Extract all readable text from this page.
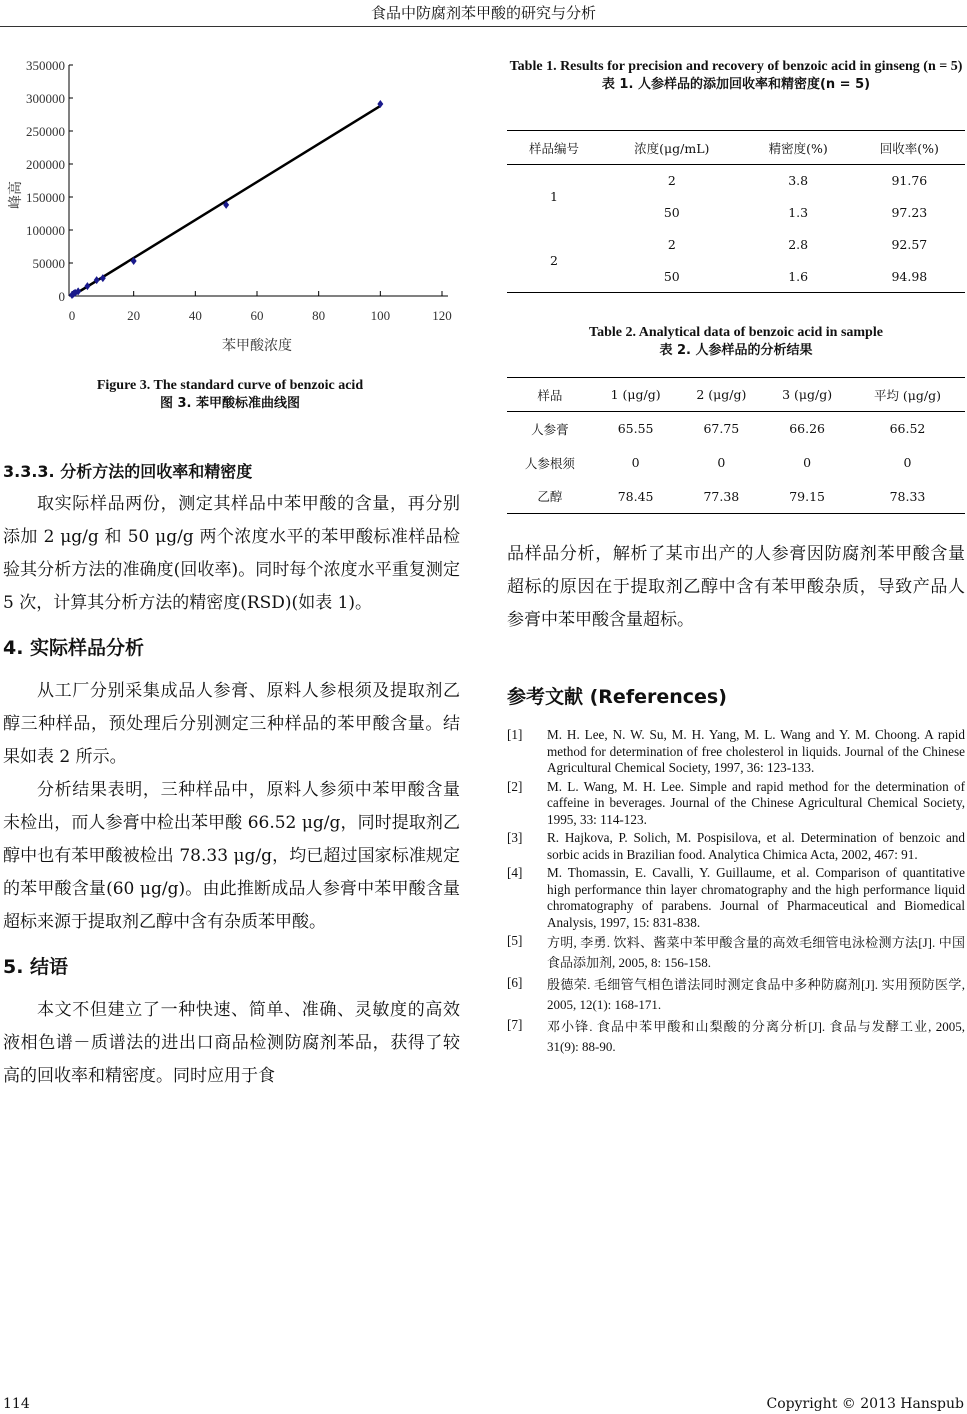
食品中防腐剂苯甲酸的研究与分析
0
50000
100000
150000
200000
250000
300000
350000
0	20	40	60	80	100	120
苯甲酸浓度
峰高
Figure 3. The standard curve of benzoic acid
图 3. 苯甲酸标准曲线图
3.3.3. 分析方法的回收率和精密度

取实际样品两份，测定其样品中苯甲酸的含量，再分别添加 2 μg/g 和 50 μg/g 两个浓度水平的苯甲酸标准样品检验其分析方法的准确度(回收率)。同时每个浓度水平重复测定 5 次，计算其分析方法的精密度(RSD)(如表 1)。

4. 实际样品分析

从工厂分别采集成品人参膏、原料人参根须及提取剂乙醇三种样品，预处理后分别测定三种样品的苯甲酸含量。结果如表 2 所示。

分析结果表明，三种样品中，原料人参须中苯甲酸含量未检出，而人参膏中检出苯甲酸 66.52 μg/g，同时提取剂乙醇中也有苯甲酸被检出 78.33 μg/g，均已超过国家标准规定的苯甲酸含量(60 μg/g)。由此推断成品人参膏中苯甲酸含量超标来源于提取剂乙醇中含有杂质苯甲酸。

5. 结语

本文不但建立了一种快速、简单、准确、灵敏度的高效液相色谱－质谱法的进出口商品检测防腐剂苯品，获得了较高的回收率和精密度。同时应用于食

Table 1. Results for precision and recovery of benzoic acid in ginseng (n = 5)
表 1. 人参样品的添加回收率和精密度(n = 5)
样品编号	浓度(μg/mL)	精密度(%)	回收率(%)
1	2	3.8	91.76
	50	1.3	97.23
2	2	2.8	92.57
	50	1.6	94.98
Table 2. Analytical data of benzoic acid in sample
表 2. 人参样品的分析结果
样品	1 (μg/g)	2 (μg/g)	3 (μg/g)	平均 (μg/g)
人参膏	65.55	67.75	66.26	66.52
人参根须	0	0	0	0
乙醇	78.45	77.38	79.15	78.33
品样品分析，解析了某市出产的人参膏因防腐剂苯甲酸含量超标的原因在于提取剂乙醇中含有苯甲酸杂质，导致产品人参膏中苯甲酸含量超标。
参考文献 (References)
[1]	M. H. Lee, N. W. Su, M. H. Yang, M. L. Wang and Y. M. Choong. A rapid method for determination of free cholesterol in liquids. Journal of the Chinese Agricultural Chemical Society, 1997, 36: 123-133.
[2]	M. L. Wang, M. H. Lee. Simple and rapid method for the determination of caffeine in beverages. Journal of the Chinese Agricultural Chemical Society, 1995, 33: 114-123.
[3]	R. Hajkova, P. Solich, M. Pospisilova, et al. Determination of benzoic and sorbic acids in Brazilian food. Analytica Chimica Acta, 2002, 467: 91.
[4]	M. Thomassin, E. Cavalli, Y. Guillaume, et al. Comparison of quantitative high performance thin layer chromatography and the high performance liquid chromatography of parabens. Journal of Pharmaceutical and Biomedical Analysis, 1997, 15: 831-838.
[5]	方明, 李勇. 饮料、酱菜中苯甲酸含量的高效毛细管电泳检测方法[J]. 中国食品添加剂, 2005, 8: 156-158.
[6]	殷德荣. 毛细管气相色谱法同时测定食品中多种防腐剂[J]. 实用预防医学, 2005, 12(1): 168-171.
[7]	邓小锋. 食品中苯甲酸和山梨酸的分离分析[J]. 食品与发酵工业, 2005, 31(9): 88-90.
114	Copyright © 2013 Hanspub
